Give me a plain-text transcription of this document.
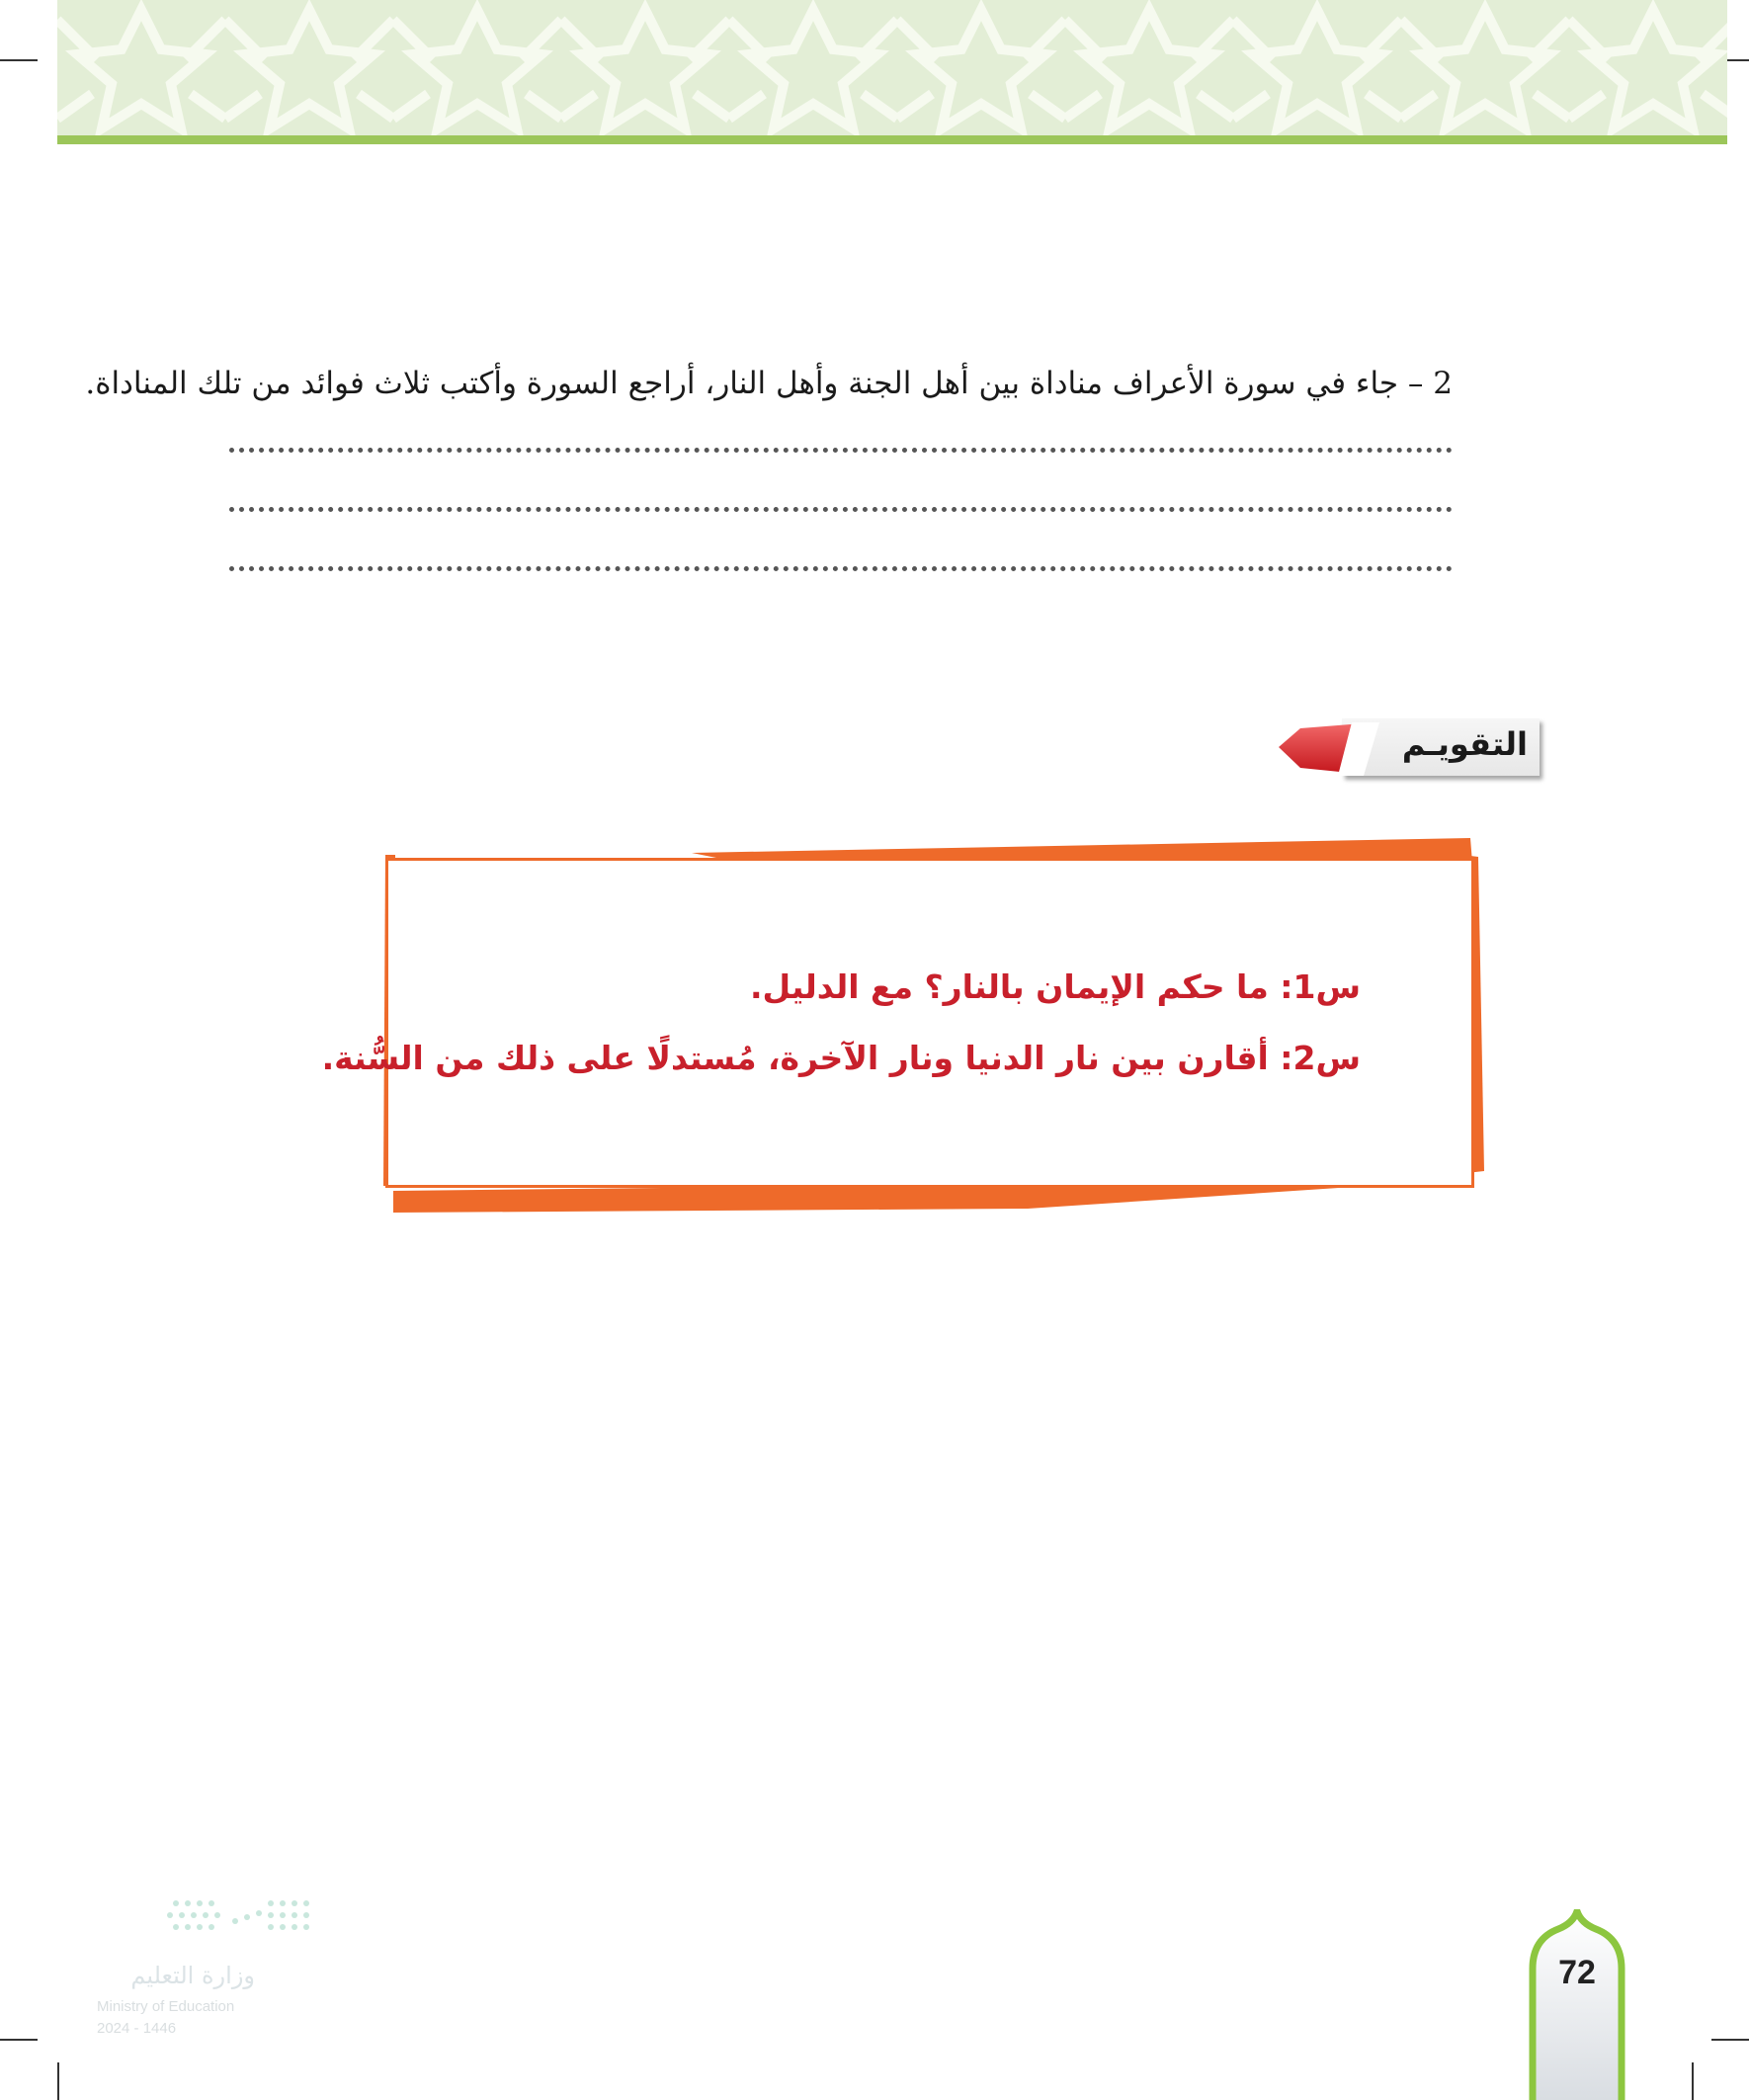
2 – جاء في سورة الأعراف مناداة بين أهل الجنة وأهل النار، أراجع السورة وأكتب ثلاث فوائد من تلك المناداة.
التقويـم
س1: ما حكم الإيمان بالنار؟ مع الدليل.
س2: أقارن بين نار الدنيا ونار الآخرة، مُستدلًا على ذلك من السُّنة.
72
وزارة التعليم
Ministry of Education
2024 - 1446
